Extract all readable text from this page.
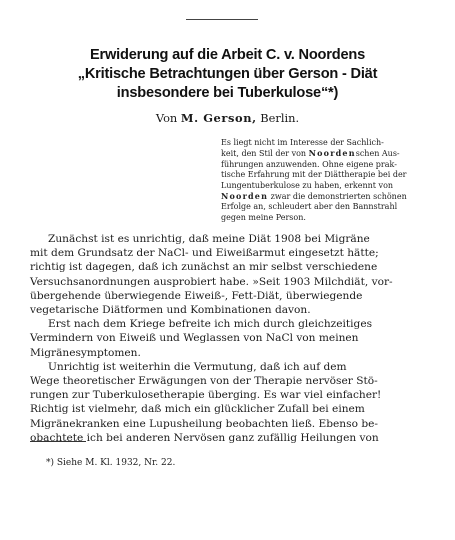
Erwiderung auf die Arbeit C. v. Noordens
„Kritische Betrachtungen über Gerson - Diät
insbesondere bei Tuberkulose“*)
Von M. Gerson, Berlin.
Es liegt nicht im Interesse der Sachlich-
keit, den Stil der von Noordenschen Aus-
führungen anzuwenden. Ohne eigene prak-
tische Erfahrung mit der Diättherapie bei der
Lungentuberkulose zu haben, erkennt von
Noorden zwar die demonstrierten schönen
Erfolge an, schleudert aber den Bannstrahl
gegen meine Person.
Zunächst ist es unrichtig, daß meine Diät 1908 bei Migräne
mit dem Grundsatz der NaCl- und Eiweißarmut eingesetzt hätte;
richtig ist dagegen, daß ich zunächst an mir selbst verschiedene
Versuchsanordnungen ausprobiert habe. »Seit 1903 Milchdiät, vor-
übergehende überwiegende Eiweiß-, Fett-Diät, überwiegende
vegetarische Diätformen und Kombinationen davon.
Erst nach dem Kriege befreite ich mich durch gleichzeitiges
Vermindern von Eiweiß und Weglassen von NaCl von meinen
Migränesymptomen.
Unrichtig ist weiterhin die Vermutung, daß ich auf dem
Wege theoretischer Erwägungen von der Therapie nervöser Stö-
rungen zur Tuberkulosetherapie überging. Es war viel einfacher!
Richtig ist vielmehr, daß mich ein glücklicher Zufall bei einem
Migränekranken eine Lupusheilung beobachten ließ. Ebenso be-
obachtete ich bei anderen Nervösen ganz zufällig Heilungen von
*) Siehe M. Kl. 1932, Nr. 22.
